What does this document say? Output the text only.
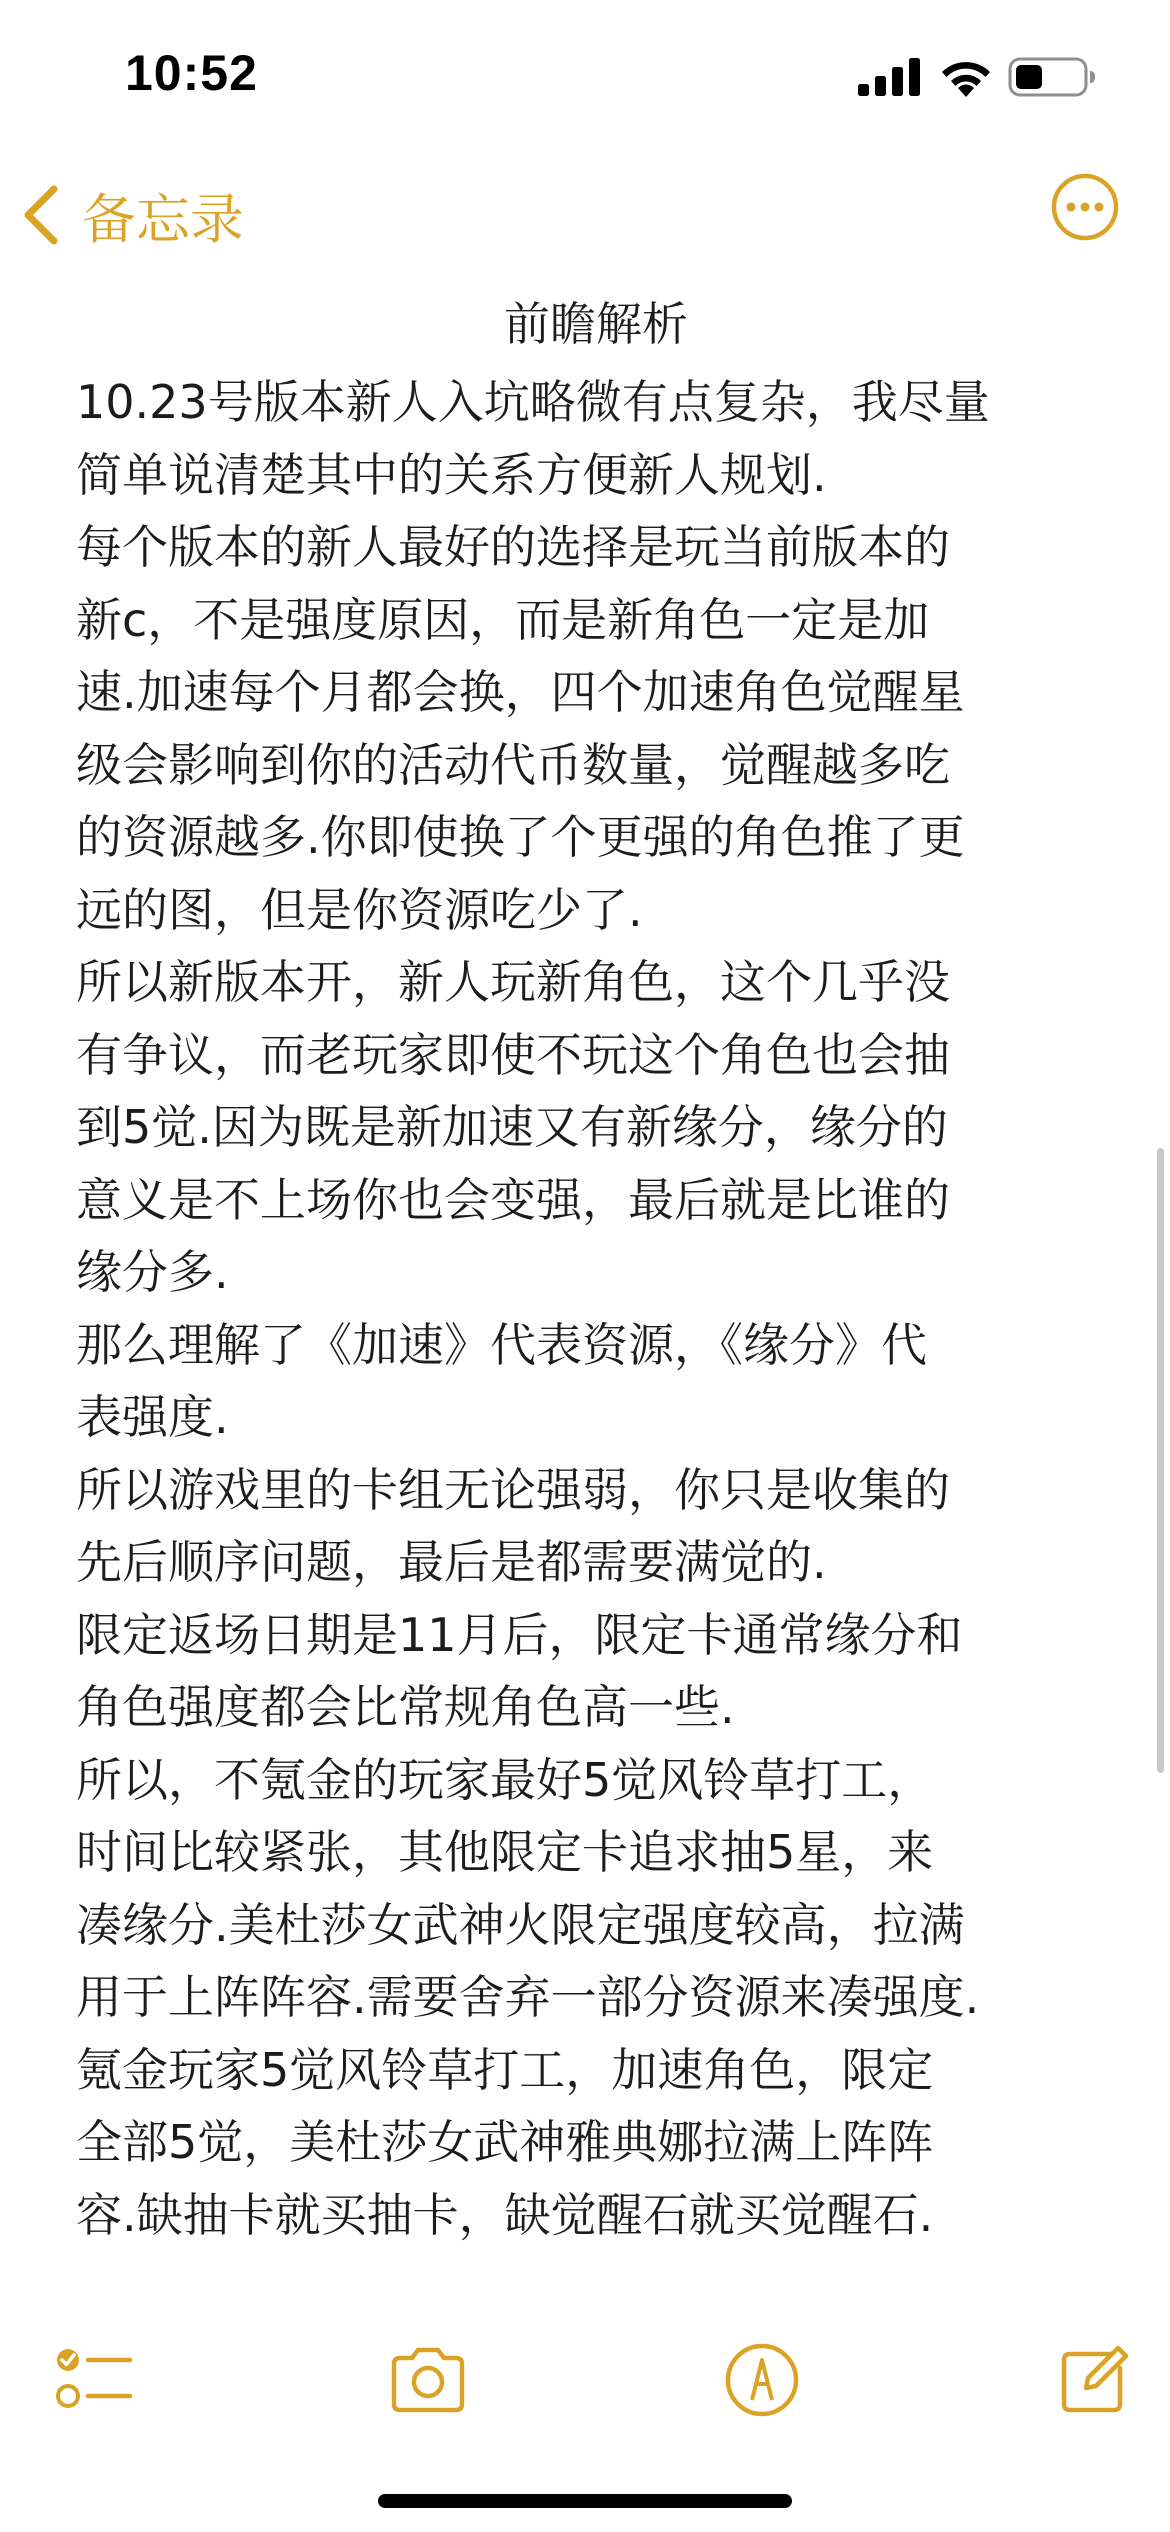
10:52
备忘录
前瞻解析
10.23号版本新人入坑略微有点复杂，我尽量
简单说清楚其中的关系方便新人规划.
每个版本的新人最好的选择是玩当前版本的
新c，不是强度原因，而是新角色一定是加
速.加速每个月都会换，四个加速角色觉醒星
级会影响到你的活动代币数量，觉醒越多吃
的资源越多.你即使换了个更强的角色推了更
远的图，但是你资源吃少了.
所以新版本开，新人玩新角色，这个几乎没
有争议，而老玩家即使不玩这个角色也会抽
到5觉.因为既是新加速又有新缘分，缘分的
意义是不上场你也会变强，最后就是比谁的
缘分多.
那么理解了《加速》代表资源，《缘分》代
表强度.
所以游戏里的卡组无论强弱，你只是收集的
先后顺序问题，最后是都需要满觉的.
限定返场日期是11月后，限定卡通常缘分和
角色强度都会比常规角色高一些.
所以，不氪金的玩家最好5觉风铃草打工，
时间比较紧张，其他限定卡追求抽5星，来
凑缘分.美杜莎女武神火限定强度较高，拉满
用于上阵阵容.需要舍弃一部分资源来凑强度.
氪金玩家5觉风铃草打工，加速角色，限定
全部5觉，美杜莎女武神雅典娜拉满上阵阵
容.缺抽卡就买抽卡，缺觉醒石就买觉醒石.
